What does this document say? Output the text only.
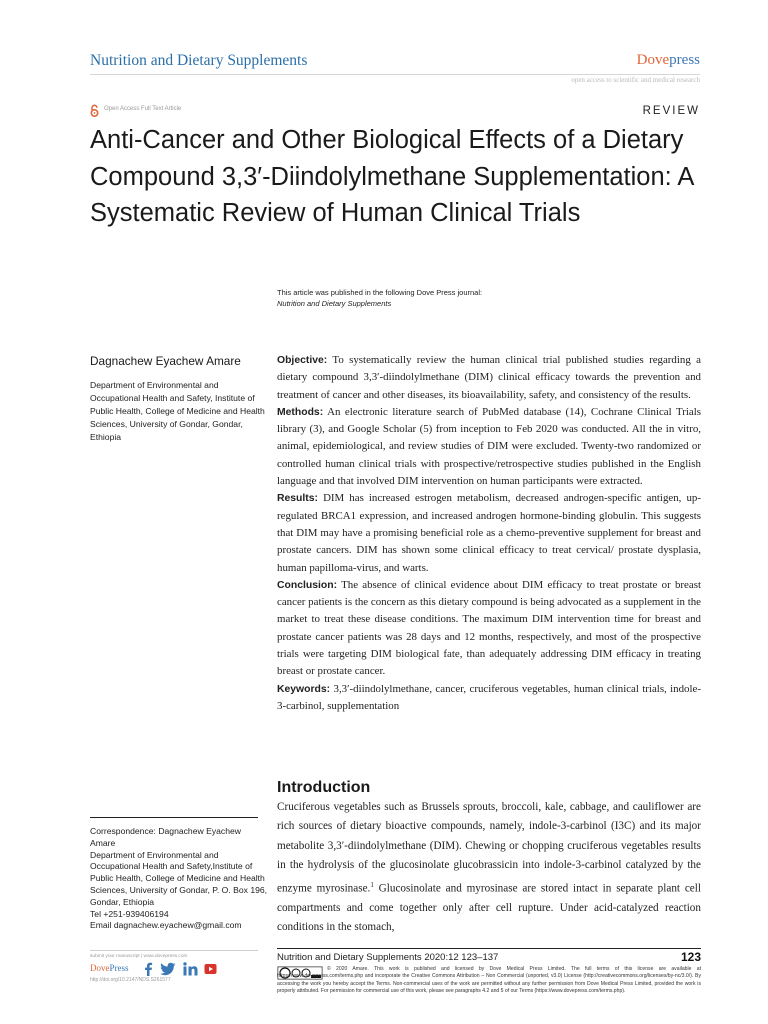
Nutrition and Dietary Supplements	Dovepress
open access to scientific and medical research
Open Access Full Text Article	REVIEW
Anti-Cancer and Other Biological Effects of a Dietary Compound 3,3′-Diindolylmethane Supplementation: A Systematic Review of Human Clinical Trials
This article was published in the following Dove Press journal:
Nutrition and Dietary Supplements
Dagnachew Eyachew Amare
Department of Environmental and Occupational Health and Safety, Institute of Public Health, College of Medicine and Health Sciences, University of Gondar, Gondar, Ethiopia
Correspondence: Dagnachew Eyachew Amare
Department of Environmental and Occupational Health and Safety,Institute of Public Health, College of Medicine and Health Sciences, University of Gondar, P. O. Box 196, Gondar, Ethiopia
Tel +251-939406194
Email dagnachew.eyachew@gmail.com

Objective: To systematically review the human clinical trial published studies regarding a dietary compound 3,3′-diindolylmethane (DIM) clinical efficacy towards the prevention and treatment of cancer and other diseases, its bioavailability, safety, and consistency of the results.

Methods: An electronic literature search of PubMed database (14), Cochrane Clinical Trials library (3), and Google Scholar (5) from inception to Feb 2020 was conducted. All the in vitro, animal, epidemiological, and review studies of DIM were excluded. Twenty-two randomized or controlled human clinical trials with prospective/retrospective studies published in the English language and that involved DIM intervention on human participants were extracted.

Results: DIM has increased estrogen metabolism, decreased androgen-specific antigen, up-regulated BRCA1 expression, and increased androgen hormone-binding globulin. This suggests that DIM may have a promising beneficial role as a chemo-preventive supplement for breast and prostate cancers. DIM has shown some clinical efficacy to treat cervical/ prostate dysplasia, human papilloma-virus, and warts.

Conclusion: The absence of clinical evidence about DIM efficacy to treat prostate or breast cancer patients is the concern as this dietary compound is being advocated as a supplement in the market to treat these disease conditions. The maximum DIM intervention time for breast and prostate cancer patients was 28 days and 12 months, respectively, and most of the prospective trials were targeting DIM biological fate, than adequately addressing DIM efficacy in treating breast or prostate cancer.

Keywords: 3,3′-diindolylmethane, cancer, cruciferous vegetables, human clinical trials, indole-3-carbinol, supplementation

Introduction
Cruciferous vegetables such as Brussels sprouts, broccoli, kale, cabbage, and cauliflower are rich sources of dietary bioactive compounds, namely, indole-3-carbinol (I3C) and its major metabolite 3,3′-diindolylmethane (DIM). Chewing or chopping cruciferous vegetables results in the hydrolysis of the glucosinolate glucobrassicin into indole-3-carbinol catalyzed by the enzyme myrosinase.$^1$ Glucosinolate and myrosinase are stored intact in separate plant cell compartments and come together only after cell rupture. Under acid-catalyzed reaction conditions in the stomach,
submit your manuscript | www.dovepress.com
DovePress
http://doi.org/10.2147/NDS.S261577
Nutrition and Dietary Supplements 2020:12 123–137	123
© 2020 Amare. This work is published and licensed by Dove Medical Press Limited. The full terms of this license are available at https://www.dovepress.com/terms.php and incorporate the Creative Commons Attribution – Non Commercial (unported, v3.0) License (http://creativecommons.org/licenses/by-nc/3.0/). By accessing the work you hereby accept the Terms. Non-commercial uses of the work are permitted without any further permission from Dove Medical Press Limited, provided the work is properly attributed. For permission for commercial use of this work, please see paragraphs 4.2 and 5 of our Terms (https://www.dovepress.com/terms.php).
